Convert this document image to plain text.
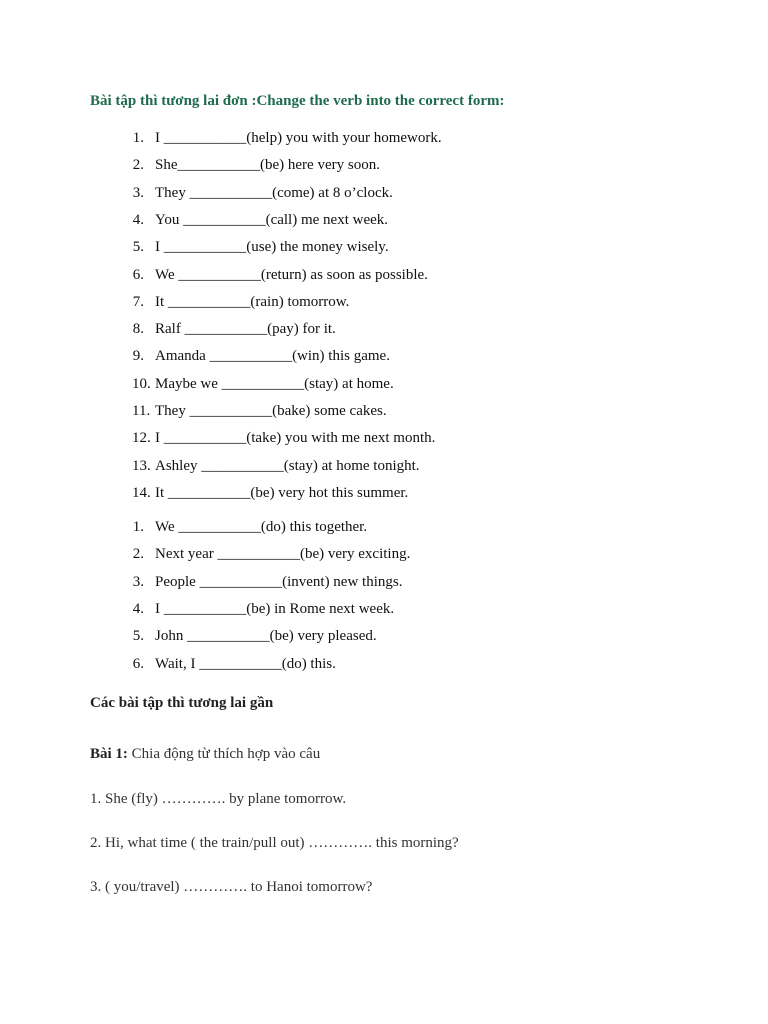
Bài tập thì tương lai đơn :Change the verb into the correct form:
1. I ___________(help) you with your homework.
2. She___________(be) here very soon.
3. They ___________(come) at 8 o’clock.
4. You ___________(call) me next week.
5. I ___________(use) the money wisely.
6. We ___________(return) as soon as possible.
7. It ___________(rain) tomorrow.
8. Ralf ___________(pay) for it.
9. Amanda ___________(win) this game.
10. Maybe we ___________(stay) at home.
11. They ___________(bake) some cakes.
12. I ___________(take) you with me next month.
13. Ashley ___________(stay) at home tonight.
14. It ___________(be) very hot this summer.
1. We ___________(do) this together.
2. Next year ___________(be) very exciting.
3. People ___________(invent) new things.
4. I ___________(be) in Rome next week.
5. John ___________(be) very pleased.
6. Wait, I ___________(do) this.
Các bài tập thì tương lai gần
Bài 1: Chia động từ thích hợp vào câu
1. She (fly) …………. by plane tomorrow.
2. Hi, what time ( the train/pull out) …………. this morning?
3. ( you/travel) …………. to Hanoi tomorrow?
